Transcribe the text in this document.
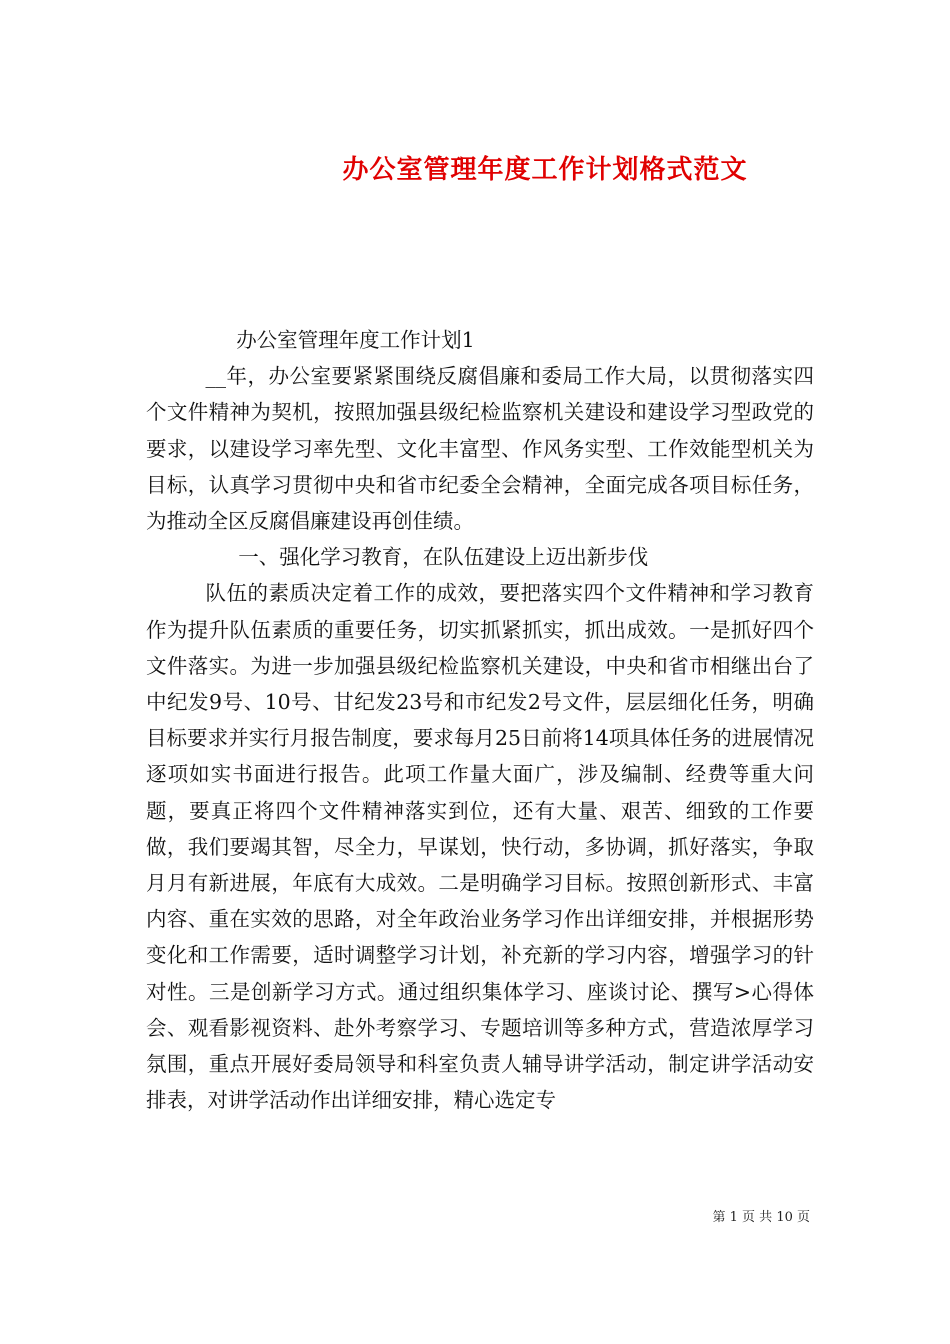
办公室管理年度工作计划格式范文

办公室管理年度工作计划1

__年，办公室要紧紧围绕反腐倡廉和委局工作大局，以贯彻落实四个文件精神为契机，按照加强县级纪检监察机关建设和建设学习型政党的要求，以建设学习率先型、文化丰富型、作风务实型、工作效能型机关为目标，认真学习贯彻中央和省市纪委全会精神，全面完成各项目标任务，为推动全区反腐倡廉建设再创佳绩。

一、强化学习教育，在队伍建设上迈出新步伐

队伍的素质决定着工作的成效，要把落实四个文件精神和学习教育作为提升队伍素质的重要任务，切实抓紧抓实，抓出成效。一是抓好四个文件落实。为进一步加强县级纪检监察机关建设，中央和省市相继出台了中纪发9号、10号、甘纪发23号和市纪发2号文件，层层细化任务，明确目标要求并实行月报告制度，要求每月25日前将14项具体任务的进展情况逐项如实书面进行报告。此项工作量大面广，涉及编制、经费等重大问题，要真正将四个文件精神落实到位，还有大量、艰苦、细致的工作要做，我们要竭其智，尽全力，早谋划，快行动，多协调，抓好落实，争取月月有新进展，年底有大成效。二是明确学习目标。按照创新形式、丰富内容、重在实效的思路，对全年政治业务学习作出详细安排，并根据形势变化和工作需要，适时调整学习计划，补充新的学习内容，增强学习的针对性。三是创新学习方式。通过组织集体学习、座谈讨论、撰写>心得体会、观看影视资料、赴外考察学习、专题培训等多种方式，营造浓厚学习氛围，重点开展好委局领导和科室负责人辅导讲学活动，制定讲学活动安排表，对讲学活动作出详细安排，精心选定专

第 1 页 共 10 页
